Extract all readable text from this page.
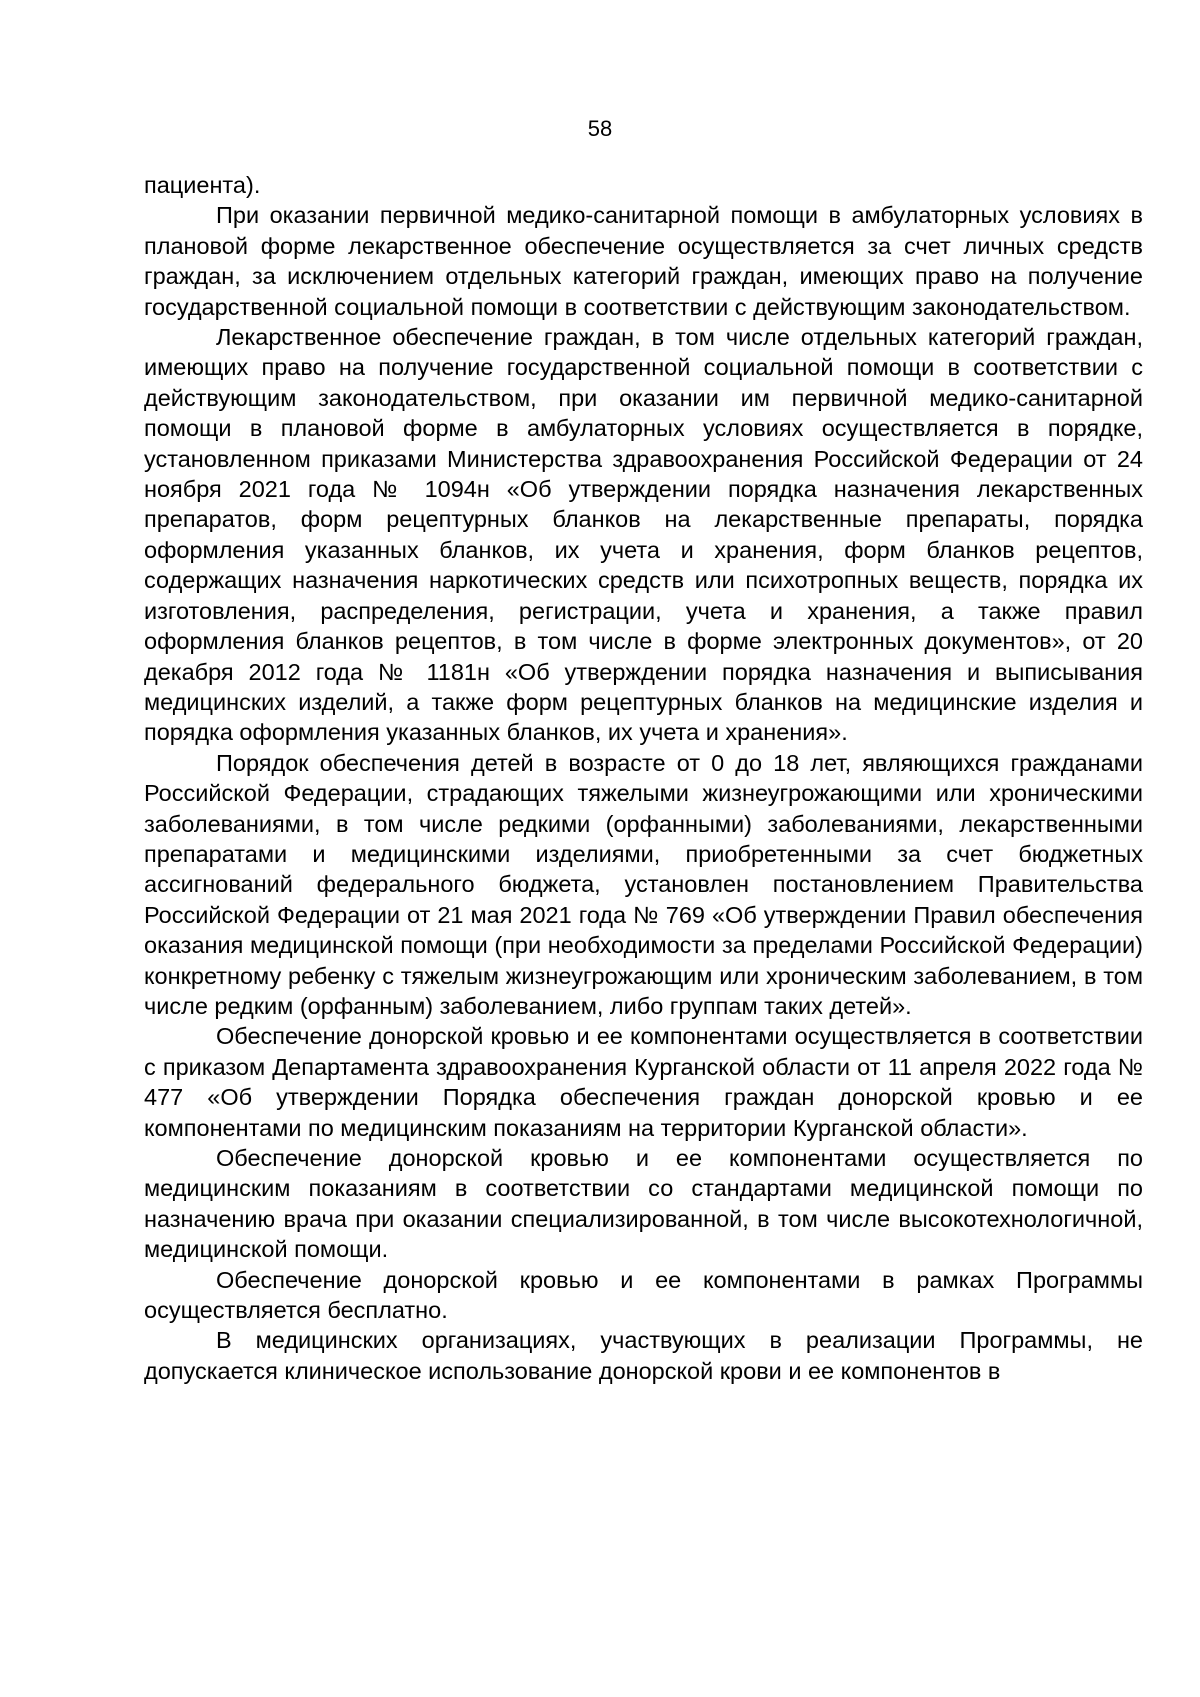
58

пациента).

При оказании первичной медико-санитарной помощи в амбулаторных условиях в плановой форме лекарственное обеспечение осуществляется за счет личных средств граждан, за исключением отдельных категорий граждан, имеющих право на получение государственной социальной помощи в соответствии с действующим законодательством.

Лекарственное обеспечение граждан, в том числе отдельных категорий граждан, имеющих право на получение государственной социальной помощи в соответствии с действующим законодательством, при оказании им первичной медико-санитарной помощи в плановой форме в амбулаторных условиях осуществляется в порядке, установленном приказами Министерства здравоохранения Российской Федерации от 24 ноября 2021 года № 1094н «Об утверждении порядка назначения лекарственных препаратов, форм рецептурных бланков на лекарственные препараты, порядка оформления указанных бланков, их учета и хранения, форм бланков рецептов, содержащих назначения наркотических средств или психотропных веществ, порядка их изготовления, распределения, регистрации, учета и хранения, а также правил оформления бланков рецептов, в том числе в форме электронных документов», от 20 декабря 2012 года № 1181н «Об утверждении порядка назначения и выписывания медицинских изделий, а также форм рецептурных бланков на медицинские изделия и порядка оформления указанных бланков, их учета и хранения».

Порядок обеспечения детей в возрасте от 0 до 18 лет, являющихся гражданами Российской Федерации, страдающих тяжелыми жизнеугрожающими или хроническими заболеваниями, в том числе редкими (орфанными) заболеваниями, лекарственными препаратами и медицинскими изделиями, приобретенными за счет бюджетных ассигнований федерального бюджета, установлен постановлением Правительства Российской Федерации от 21 мая 2021 года № 769 «Об утверждении Правил обеспечения оказания медицинской помощи (при необходимости за пределами Российской Федерации) конкретному ребенку с тяжелым жизнеугрожающим или хроническим заболеванием, в том числе редким (орфанным) заболеванием, либо группам таких детей».

Обеспечение донорской кровью и ее компонентами осуществляется в соответствии с приказом Департамента здравоохранения Курганской области от 11 апреля 2022 года № 477 «Об утверждении Порядка обеспечения граждан донорской кровью и ее компонентами по медицинским показаниям на территории Курганской области».

Обеспечение донорской кровью и ее компонентами осуществляется по медицинским показаниям в соответствии со стандартами медицинской помощи по назначению врача при оказании специализированной, в том числе высокотехнологичной, медицинской помощи.

Обеспечение донорской кровью и ее компонентами в рамках Программы осуществляется бесплатно.

В медицинских организациях, участвующих в реализации Программы, не допускается клиническое использование донорской крови и ее компонентов в
